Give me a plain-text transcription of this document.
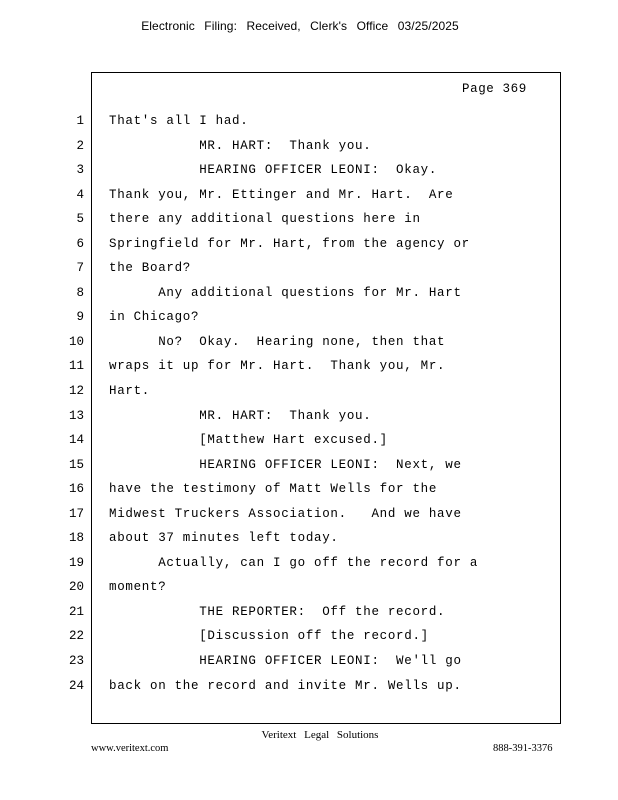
Electronic Filing: Received, Clerk's Office 03/25/2025
Page 369
1
2
3
4
5
6
7
8
9
10
11
12
13
14
15
16
17
18
19
20
21
22
23
24
That's all I had.
MR. HART:  Thank you.
HEARING OFFICER LEONI:  Okay.
Thank you, Mr. Ettinger and Mr. Hart.  Are
there any additional questions here in
Springfield for Mr. Hart, from the agency or
the Board?
Any additional questions for Mr. Hart
in Chicago?
No?  Okay.  Hearing none, then that
wraps it up for Mr. Hart.  Thank you, Mr.
Hart.
MR. HART:  Thank you.
[Matthew Hart excused.]
HEARING OFFICER LEONI:  Next, we
have the testimony of Matt Wells for the
Midwest Truckers Association.   And we have
about 37 minutes left today.
Actually, can I go off the record for a
moment?
THE REPORTER:  Off the record.
[Discussion off the record.]
HEARING OFFICER LEONI:  We'll go
back on the record and invite Mr. Wells up.
Veritext Legal Solutions
www.veritext.com	888-391-3376
